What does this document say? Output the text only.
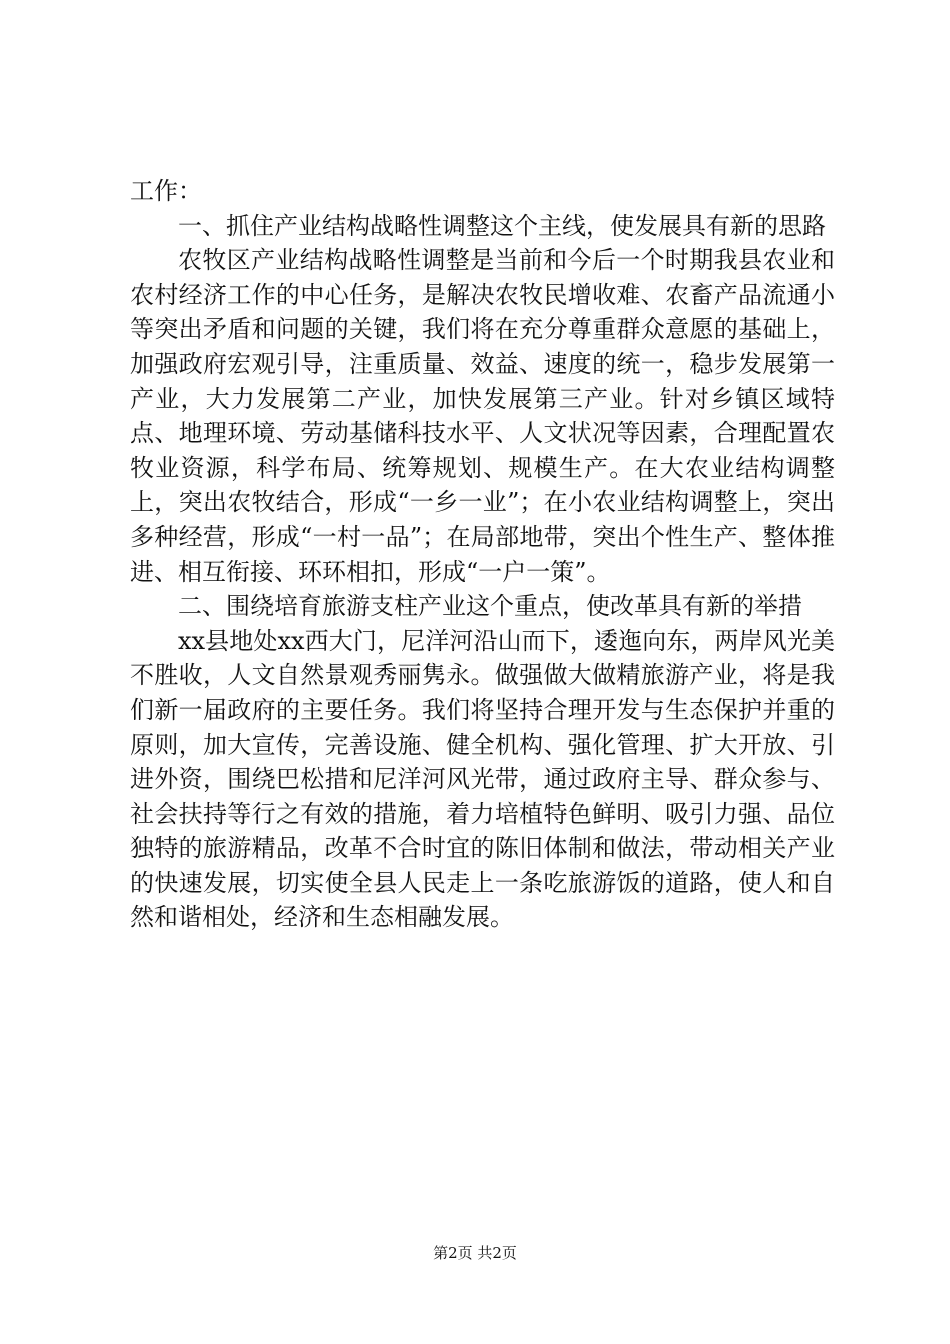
工作：

一、抓住产业结构战略性调整这个主线，使发展具有新的思路

农牧区产业结构战略性调整是当前和今后一个时期我县农业和农村经济工作的中心任务，是解决农牧民增收难、农畜产品流通小等突出矛盾和问题的关键，我们将在充分尊重群众意愿的基础上，加强政府宏观引导，注重质量、效益、速度的统一，稳步发展第一产业，大力发展第二产业，加快发展第三产业。针对乡镇区域特点、地理环境、劳动基储科技水平、人文状况等因素，合理配置农牧业资源，科学布局、统筹规划、规模生产。在大农业结构调整上，突出农牧结合，形成“一乡一业”；在小农业结构调整上，突出多种经营，形成“一村一品”；在局部地带，突出个性生产、整体推进、相互衔接、环环相扣，形成“一户一策”。

二、围绕培育旅游支柱产业这个重点，使改革具有新的举措

xx县地处xx西大门，尼洋河沿山而下，逶迤向东，两岸风光美不胜收，人文自然景观秀丽隽永。做强做大做精旅游产业，将是我们新一届政府的主要任务。我们将坚持合理开发与生态保护并重的原则，加大宣传，完善设施、健全机构、强化管理、扩大开放、引进外资，围绕巴松措和尼洋河风光带，通过政府主导、群众参与、社会扶持等行之有效的措施，着力培植特色鲜明、吸引力强、品位独特的旅游精品，改革不合时宜的陈旧体制和做法，带动相关产业的快速发展，切实使全县人民走上一条吃旅游饭的道路，使人和自然和谐相处，经济和生态相融发展。

第2页 共2页
